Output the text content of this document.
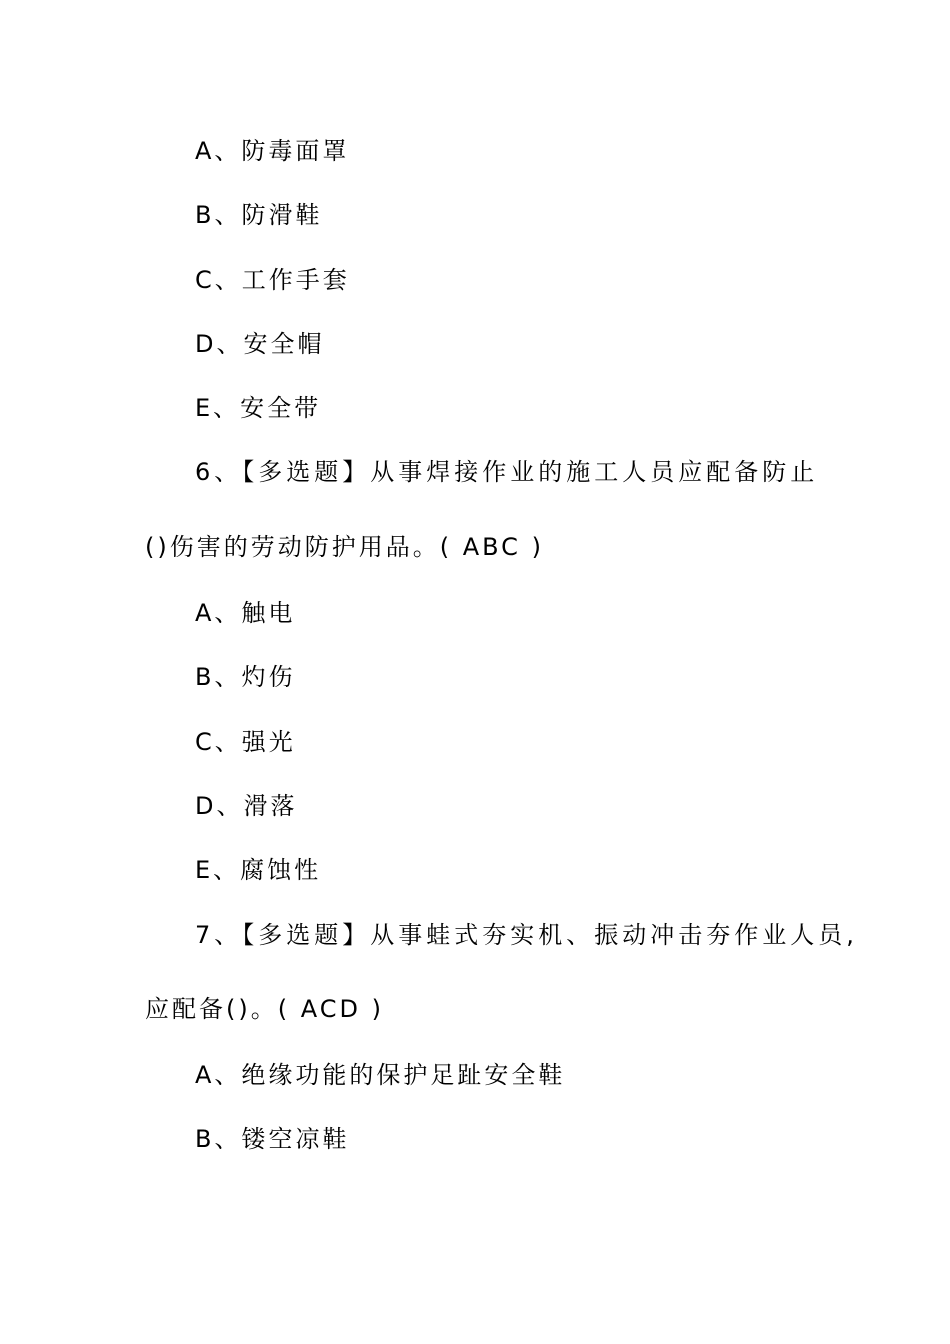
A、防毒面罩
B、防滑鞋
C、工作手套
D、安全帽
E、安全带
6、【多选题】从事焊接作业的施工人员应配备防止
()伤害的劳动防护用品。( ABC )
A、触电
B、灼伤
C、强光
D、滑落
E、腐蚀性
7、【多选题】从事蛙式夯实机、振动冲击夯作业人员,
应配备()。( ACD )
A、绝缘功能的保护足趾安全鞋
B、镂空凉鞋
